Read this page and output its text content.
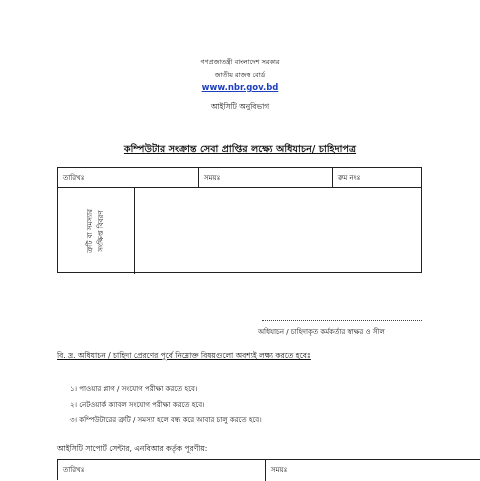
গণপ্রজাতন্ত্রী বাংলাদেশ সরকার
জাতীয় রাজস্ব বোর্ড
www.nbr.gov.bd
আইসিটি অনুবিভাগ
কম্পিউটার সংক্রান্ত সেবা প্রাপ্তির লক্ষ্যে অধিযাচন/ চাহিদাপত্র
তারিখঃ	সময়ঃ	রুম নংঃ
ত্রুটি বা সমস্যার সংক্ষিপ্ত বিবরণ
অধিযাচন / চাহিদাকৃত কর্মকর্তার স্বাক্ষর ও সীল
বি. দ্র. অধিযাচন / চাহিদা প্রেরণের পূর্বে নিম্নোক্ত বিষয়গুলো অবশ্যই লক্ষ্য করতে হবেঃ
১। পাওয়ার প্লাগ / সংযোগ পরীক্ষা করতে হবে।
২। নেটওয়ার্ক ক্যাবল সংযোগ পরীক্ষা করতে হবে।
৩। কম্পিউটারের ত্রুটি / সমস্যা হলে বন্ধ করে আবার চালু করতে হবে।
আইসিটি সাপোর্ট সেন্টার, এনবিআর কর্তৃক পূরণীয়:
তারিখঃ	সময়ঃ
